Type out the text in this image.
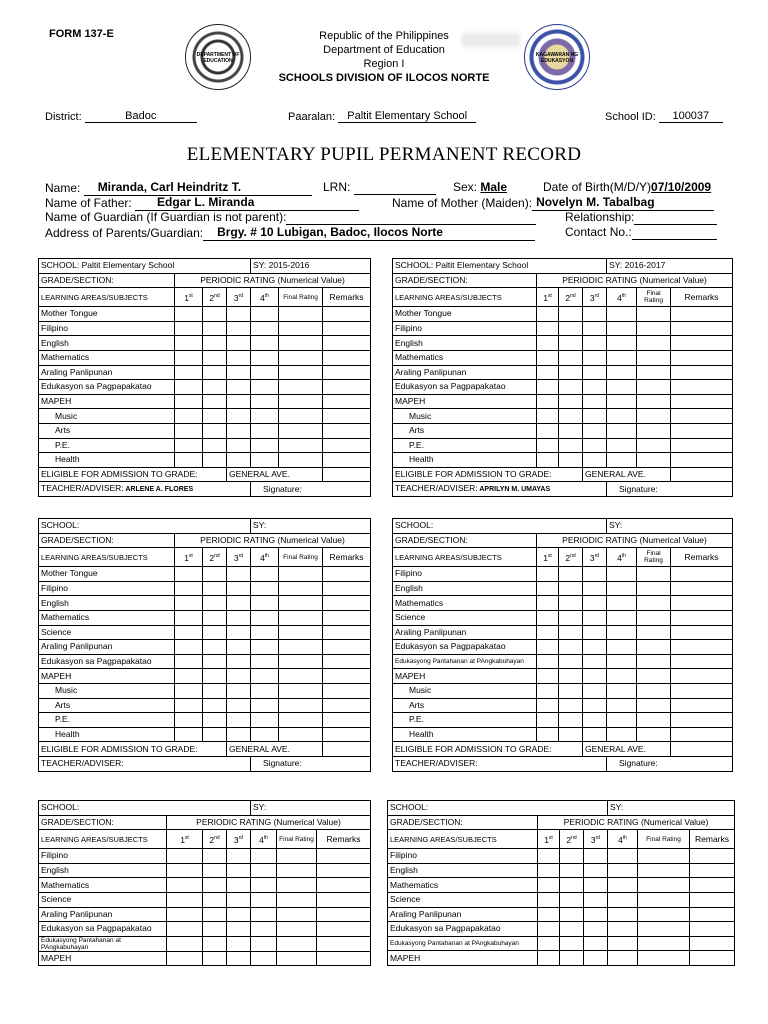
FORM 137-E
DEPARTMENT OF EDUCATION
KAGAWARAN NG EDUKASYON
Republic of the Philippines
Department of Education
Region I
SCHOOLS DIVISION OF ILOCOS NORTE
District:	Badoc	Paaralan: Paltit Elementary School	School ID: 100037
ELEMENTARY PUPIL PERMANENT RECORD
Name: Miranda, Carl Heindritz T.	LRN:	Sex: Male	Date of Birth(M/D/Y)07/10/2009
Name of Father: Edgar L. Miranda	Name of Mother (Maiden): Novelyn M. Tabalbag
Name of Guardian (If Guardian is not parent):	Relationship:
Address of Parents/Guardian: Brgy. # 10 Lubigan, Badoc, Ilocos Norte	Contact No.:
SCHOOL: Paltit Elementary School				SY: 2015-2016		
GRADE/SECTION:	PERIODIC RATING (Numerical Value)					
LEARNING AREAS/SUBJECTS	1st	2nd	3rd	4th	Final Rating	Remarks
Mother Tongue						
Filipino						
English						
Mathematics						
Araling Panlipunan						
Edukasyon sa Pagpapakatao						
MAPEH						
Music						
Arts						
P.E.						
Health						
ELIGIBLE FOR ADMISSION TO GRADE:			GENERAL AVE.			
TEACHER/ADVISER: ARLENE A. FLORES				Signature:		
SCHOOL: Paltit Elementary School				SY: 2016-2017		
GRADE/SECTION:	PERIODIC RATING (Numerical Value)					
LEARNING AREAS/SUBJECTS	1st	2nd	3rd	4th	Final Rating	Remarks
Mother Tongue						
Filipino						
English						
Mathematics						
Araling Panlipunan						
Edukasyon sa Pagpapakatao						
MAPEH						
Music						
Arts						
P.E.						
Health						
ELIGIBLE FOR ADMISSION TO GRADE:			GENERAL AVE.			
TEACHER/ADVISER: APRILYN M. UMAYAS				Signature:		
SCHOOL:				SY:		
GRADE/SECTION:	PERIODIC RATING (Numerical Value)					
LEARNING AREAS/SUBJECTS	1st	2nd	3rd	4th	Final Rating	Remarks
Mother Tongue						
Filipino						
English						
Mathematics						
Science						
Araling Panlipunan						
Edukasyon sa Pagpapakatao						
MAPEH						
Music						
Arts						
P.E.						
Health						
ELIGIBLE FOR ADMISSION TO GRADE:			GENERAL AVE.			
TEACHER/ADVISER:				Signature:		
SCHOOL:				SY:		
GRADE/SECTION:	PERIODIC RATING (Numerical Value)					
LEARNING AREAS/SUBJECTS	1st	2nd	3rd	4th	Final Rating	Remarks
Filipino						
English						
Mathematics						
Science						
Araling Panlipunan						
Edukasyon sa Pagpapakatao						
Edukasyong Pantahanan at PAngkabuhayan						
MAPEH						
Music						
Arts						
P.E.						
Health						
ELIGIBLE FOR ADMISSION TO GRADE:			GENERAL AVE.			
TEACHER/ADVISER:				Signature:		
SCHOOL:				SY:		
GRADE/SECTION:	PERIODIC RATING (Numerical Value)					
LEARNING AREAS/SUBJECTS	1st	2nd	3rd	4th	Final Rating	Remarks
Filipino						
English						
Mathematics						
Science						
Araling Panlipunan						
Edukasyon sa Pagpapakatao						
Edukasyong Pantahanan at PAngkabuhayan						
MAPEH						
SCHOOL:				SY:		
GRADE/SECTION:	PERIODIC RATING (Numerical Value)					
LEARNING AREAS/SUBJECTS	1st	2nd	3rd	4th	Final Rating	Remarks
Filipino						
English						
Mathematics						
Science						
Araling Panlipunan						
Edukasyon sa Pagpapakatao						
Edukasyong Pantahanan at PAngkabuhayan						
MAPEH						
